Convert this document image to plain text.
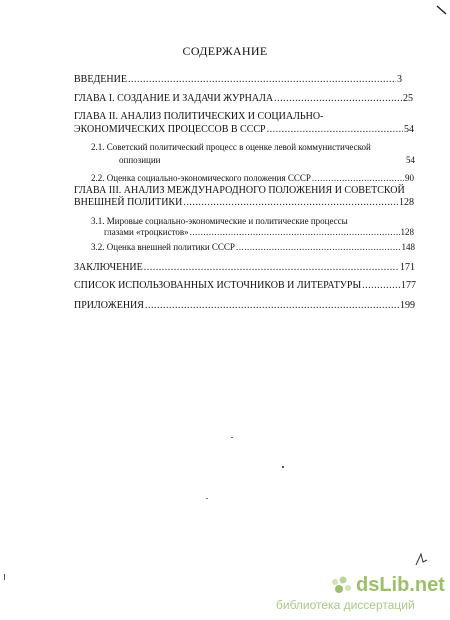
СОДЕРЖАНИЕ
ВВЕДЕНИЕ .....	3
ГЛАВА I. СОЗДАНИЕ И ЗАДАЧИ ЖУРНАЛА .....	25
ГЛАВА II. АНАЛИЗ ПОЛИТИЧЕСКИХ И СОЦИАЛЬНО-
ЭКОНОМИЧЕСКИХ ПРОЦЕССОВ В СССР .....	54
2.1. Советский политический процесс в оценке левой коммунистической
оппозиции	54
2.2. Оценка социально-экономического положения СССР .....	90
ГЛАВА III. АНАЛИЗ МЕЖДУНАРОДНОГО ПОЛОЖЕНИЯ И СОВЕТСКОЙ
ВНЕШНЕЙ ПОЛИТИКИ .....	128
3.1. Мировые социально-экономические и политические процессы
глазами «троцкистов» .....	128
3.2. Оценка внешней политики СССР .....	148
ЗАКЛЮЧЕНИЕ .....	171
СПИСОК ИСПОЛЬЗОВАННЫХ ИСТОЧНИКОВ И ЛИТЕРАТУРЫ .....	177
ПРИЛОЖЕНИЯ .....	199
dsLib.net
библиотека диссертаций
